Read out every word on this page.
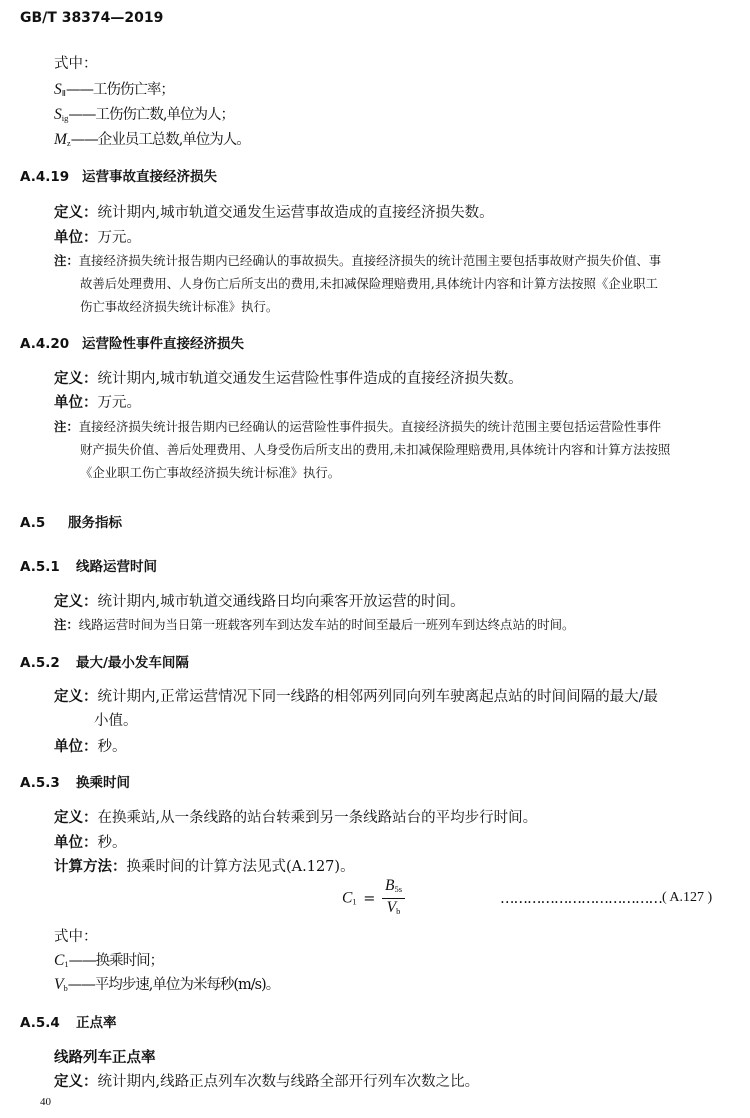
GB/T 38374—2019
式中：
$S_Ⅱ——$工伤伤亡率；
$S_{ig}——$工伤伤亡数,单位为人；
$M_z——$企业员工总数,单位为人。
A.4.19 运营事故直接经济损失
定义：统计期内,城市轨道交通发生运营事故造成的直接经济损失数。
单位：万元。
注：直接经济损失统计报告期内已经确认的事故损失。直接经济损失的统计范围主要包括事故财产损失价值、事
故善后处理费用、人身伤亡后所支出的费用,未扣减保险理赔费用,具体统计内容和计算方法按照《企业职工
伤亡事故经济损失统计标准》执行。
A.4.20 运营险性事件直接经济损失
定义：统计期内,城市轨道交通发生运营险性事件造成的直接经济损失数。
单位：万元。
注：直接经济损失统计报告期内已经确认的运营险性事件损失。直接经济损失的统计范围主要包括运营险性事件
财产损失价值、善后处理费用、人身受伤后所支出的费用,未扣减保险理赔费用,具体统计内容和计算方法按照
《企业职工伤亡事故经济损失统计标准》执行。
A.5 服务指标
A.5.1 线路运营时间
定义：统计期内,城市轨道交通线路日均向乘客开放运营的时间。
注：线路运营时间为当日第一班载客列车到达发车站的时间至最后一班列车到达终点站的时间。
A.5.2 最大/最小发车间隔
定义：统计期内,正常运营情况下同一线路的相邻两列同向列车驶离起点站的时间间隔的最大/最
小值。
单位：秒。
A.5.3 换乘时间
定义：在换乘站,从一条线路的站台转乘到另一条线路站台的平均步行时间。
单位：秒。
计算方法：换乘时间的计算方法见式(A.127)。
$C_1 = \frac{B_{5s}}{V_b}$	……………………………… ( A.127 )
式中：
$C_1——$换乘时间；
$V_b——$平均步速,单位为米每秒(m/s)。
A.5.4 正点率
线路列车正点率
定义：统计期内,线路正点列车次数与线路全部开行列车次数之比。
40
